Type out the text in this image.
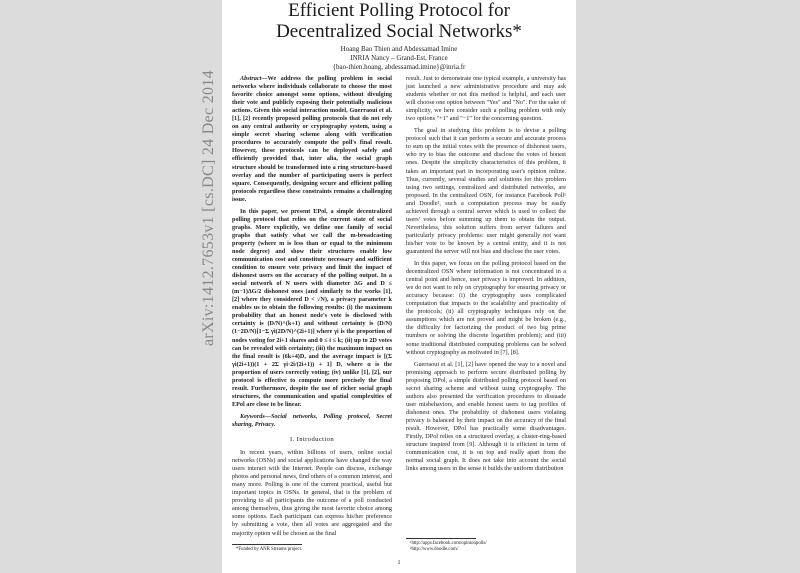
arXiv:1412.7653v1 [cs.DC] 24 Dec 2014
Efficient Polling Protocol for
Decentralized Social Networks*
Hoang Bao Thien and Abdessamad Imine
INRIA Nancy – Grand-Est, France
{bao-thien.hoang, abdessamad.imine}@inria.fr

Abstract—We address the polling problem in social networks where individuals collaborate to choose the most favorite choice amongst some options, without divulging their vote and publicly exposing their potentially malicious actions. Given this social interaction model, Guerraoui et al. [1], [2] recently proposed polling protocols that do not rely on any central authority or cryptography system, using a simple secret sharing scheme along with verification procedures to accurately compute the poll's final result. However, these protocols can be deployed safely and efficiently provided that, inter alia, the social graph structure should be transformed into a ring structure-based overlay and the number of participating users is perfect square. Consequently, designing secure and efficient polling protocols regardless these constraints remains a challenging issue.

In this paper, we present EPol, a simple decentralized polling protocol that relies on the current state of social graphs. More explicitly, we define one family of social graphs that satisfy what we call the m-broadcasting property (where m is less than or equal to the minimum node degree) and show their structures enable low communication cost and constitute necessary and sufficient condition to ensure vote privacy and limit the impact of dishonest users on the accuracy of the polling output. In a social network of N users with diameter ΔG and D ≤ (m−1)ΔG/2 dishonest ones (and similarly to the works [1], [2] where they considered D < √N), a privacy parameter k enables us to obtain the following results: (i) the maximum probability that an honest node's vote is disclosed with certainty is (D/N)^(k+1) and without certainty is (D/N)(1−2D/N)[1−Σ γi(2D/N)^(2i+1)] where γi is the proportion of nodes voting for 2i+1 shares and 0 ≤ i ≤ k; (ii) up to 2D votes can be revealed with certainty; (iii) the maximum impact on the final result is (6k+4)D, and the average impact is [(Σ γi(2i+1))(1 + 2Σ γi·2i/(2i+1)) + 1] D, where α is the proportion of users correctly voting; (iv) unlike [1], [2], our protocol is effective to compute more precisely the final result. Furthermore, despite the use of richer social graph structures, the communication and spatial complexities of EPol are close to be linear.

Keywords—Social networks, Polling protocol, Secret sharing, Privacy.

I. Introduction

In recent years, within billions of users, online social networks (OSNs) and social applications have changed the way users interact with the Internet. People can discuss, exchange photos and personal news, find others of a common interest, and many more. Polling is one of the current practical, useful but important topics in OSNs. In general, that is the problem of providing to all participants the outcome of a poll conducted among themselves, thus giving the most favorite choice among some options. Each participant can express his/her preference by submitting a vote, then all votes are aggregated and the majority option will be chosen as the final

*Funded by ANR Streams project.

result. Just to demonstrate one typical example, a university has just launched a new administrative procedure and may ask students whether or not this method is helpful, and each user will choose one option between "Yes" and "No". For the sake of simplicity, we here consider such a polling problem with only two options "+1" and "−1" for the concerning question.

The goal in studying this problem is to devise a polling protocol such that it can perform a secure and accurate process to sum up the initial votes with the presence of dishonest users, who try to bias the outcome and disclose the votes of honest ones. Despite the simplicity characteristics of this problem, it takes an important part in incorporating user's opinion online. Thus, currently, several studies and solutions for this problem using two settings, centralized and distributed networks, are proposed. In the centralized OSN, for instance Facebook Poll¹ and Doodle², such a computation process may be easily achieved through a central server which is used to collect the users' votes before summing up them to obtain the output. Nevertheless, this solution suffers from server failures and particularly privacy problems: user might generally not want his/her vote to be known by a central entity, and it is not guaranteed the server will not bias and disclose the user votes.

In this paper, we focus on the polling protocol based on the decentralized OSN where information is not concentrated in a central point and hence, user privacy is improved. In addition, we do not want to rely on cryptography for ensuring privacy or accuracy because: (i) the cryptography uses complicated computation that impacts to the scalability and practicality of the protocols; (ii) all cryptography techniques rely on the assumptions which are not proved and might be broken (e.g., the difficulty for factorizing the product of two big prime numbers or solving the discrete logarithm problem); and (iii) some traditional distributed computing problems can be solved without cryptography as motivated in [7], [8].

Guerraoui et al. [1], [2] have opened the way to a novel and promising approach to perform secure distributed polling by proposing DPol, a simple distributed polling protocol based on secret sharing scheme and without using cryptography. The authors also presented the verification procedures to dissuade user misbehaviors, and enable honest users to tag profiles of dishonest ones. The probability of dishonest users violating privacy is balanced by their impact on the accuracy of the final result. However, DPol has practically some disadvantages. Firstly, DPol relies on a structured overlay, a cluster-ring-based structure inspired from [9]. Although it is efficient in term of communication cost, it is on top and really apart from the normal social graph. It does not take into account the social links among users in the sense it builds the uniform distribution

¹http://apps.facebook.com/opinionpolls/
²http://www.doodle.com/
1
